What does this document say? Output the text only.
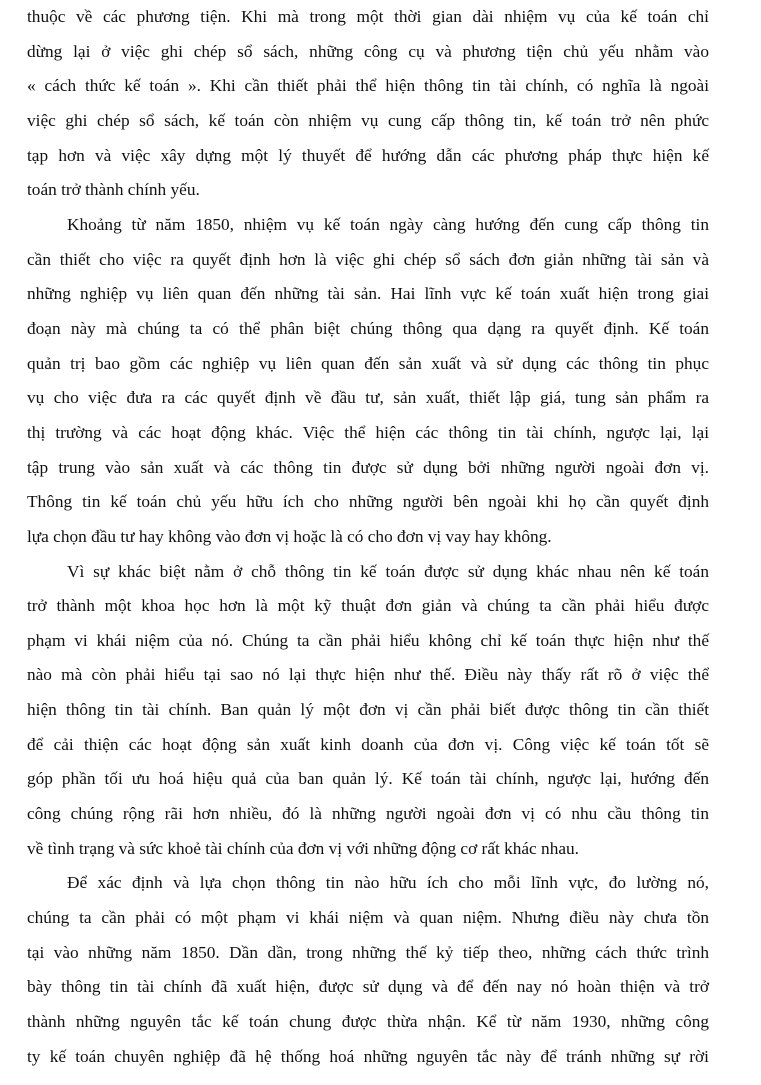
thuộc về các phương tiện. Khi mà trong một thời gian dài nhiệm vụ của kế toán chỉ
dừng lại ở việc ghi chép sổ sách, những công cụ và phương tiện chủ yếu nhằm vào
« cách thức kế toán ». Khi cần thiết phải thể hiện thông tin tài chính, có nghĩa là ngoài
việc ghi chép sổ sách, kế toán còn nhiệm vụ cung cấp thông tin, kế toán trở nên phức
tạp hơn và việc xây dựng một lý thuyết để hướng dẫn các phương pháp thực hiện kế
toán trở thành chính yếu.
Khoảng từ năm 1850, nhiệm vụ kế toán ngày càng hướng đến cung cấp thông tin
cần thiết cho việc ra quyết định hơn là việc ghi chép sổ sách đơn giản những tài sản và
những nghiệp vụ liên quan đến những tài sản. Hai lĩnh vực kế toán xuất hiện trong giai
đoạn này mà chúng ta có thể phân biệt chúng thông qua dạng ra quyết định. Kế toán
quản trị bao gồm các nghiệp vụ liên quan đến sản xuất và sử dụng các thông tin phục
vụ cho việc đưa ra các quyết định về đầu tư, sản xuất, thiết lập giá, tung sản phẩm ra
thị trường và các hoạt động khác. Việc thể hiện các thông tin tài chính, ngược lại, lại
tập trung vào sản xuất và các thông tin được sử dụng bởi những người ngoài đơn vị.
Thông tin kế toán chủ yếu hữu ích cho những người bên ngoài khi họ cần quyết định
lựa chọn đầu tư hay không vào đơn vị hoặc là có cho đơn vị vay hay không.
Vì sự khác biệt nằm ở chỗ thông tin kế toán được sử dụng khác nhau nên kế toán
trở thành một khoa học hơn là một kỹ thuật đơn giản và chúng ta cần phải hiểu được
phạm vi khái niệm của nó. Chúng ta cần phải hiểu không chỉ kế toán thực hiện như thế
nào mà còn phải hiểu tại sao nó lại thực hiện như thế. Điều này thấy rất rõ ở việc thể
hiện thông tin tài chính. Ban quản lý một đơn vị cần phải biết được thông tin cần thiết
để cải thiện các hoạt động sản xuất kinh doanh của đơn vị. Công việc kế toán tốt sẽ
góp phần tối ưu hoá hiệu quả của ban quản lý. Kế toán tài chính, ngược lại, hướng đến
công chúng rộng rãi hơn nhiều, đó là những người ngoài đơn vị có nhu cầu thông tin
về tình trạng và sức khoẻ tài chính của đơn vị với những động cơ rất khác nhau.
Để xác định và lựa chọn thông tin nào hữu ích cho mỗi lĩnh vực, đo lường nó,
chúng ta cần phải có một phạm vi khái niệm và quan niệm. Nhưng điều này chưa tồn
tại vào những năm 1850. Dần dần, trong những thế kỷ tiếp theo, những cách thức trình
bày thông tin tài chính đã xuất hiện, được sử dụng và để đến nay nó hoàn thiện và trở
thành những nguyên tắc kế toán chung được thừa nhận. Kể từ năm 1930, những công
ty kế toán chuyên nghiệp đã hệ thống hoá những nguyên tắc này để tránh những sự rời
